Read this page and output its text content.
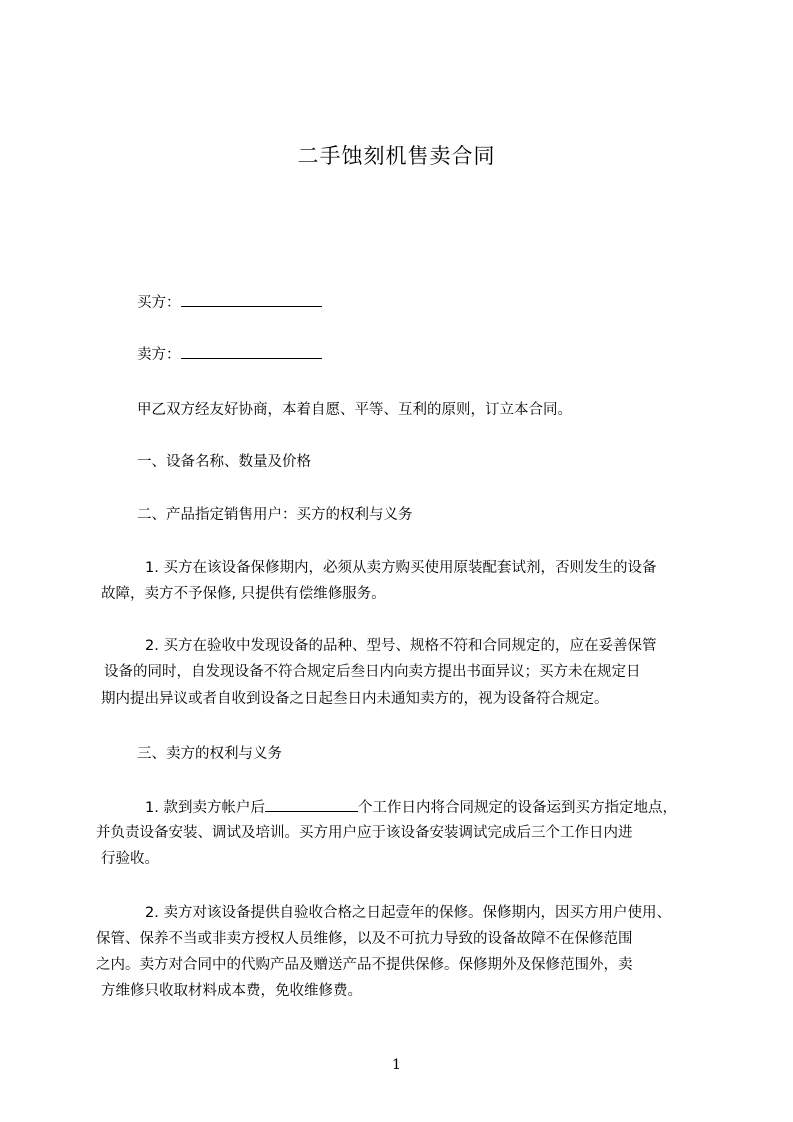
二手蚀刻机售卖合同
买方：
卖方：
甲乙双方经友好协商，本着自愿、平等、互利的原则，订立本合同。
一、设备名称、数量及价格
二、产品指定销售用户：买方的权利与义务
1. 买方在该设备保修期内，必须从卖方购买使用原装配套试剂，否则发生的设备
故障，卖方不予保修, 只提供有偿维修服务。
2. 买方在验收中发现设备的品种、型号、规格不符和合同规定的，应在妥善保管
设备的同时，自发现设备不符合规定后叁日内向卖方提出书面异议；买方未在规定日
期内提出异议或者自收到设备之日起叁日内未通知卖方的，视为设备符合规定。
三、卖方的权利与义务
1. 款到卖方帐户后	个工作日内将合同规定的设备运到买方指定地点，
并负责设备安装、调试及培训。买方用户应于该设备安装调试完成后三个工作日内进
行验收。
2. 卖方对该设备提供自验收合格之日起壹年的保修。保修期内，因买方用户使用、
保管、保养不当或非卖方授权人员维修，以及不可抗力导致的设备故障不在保修范围
之内。卖方对合同中的代购产品及赠送产品不提供保修。保修期外及保修范围外，卖
方维修只收取材料成本费，免收维修费。
1
